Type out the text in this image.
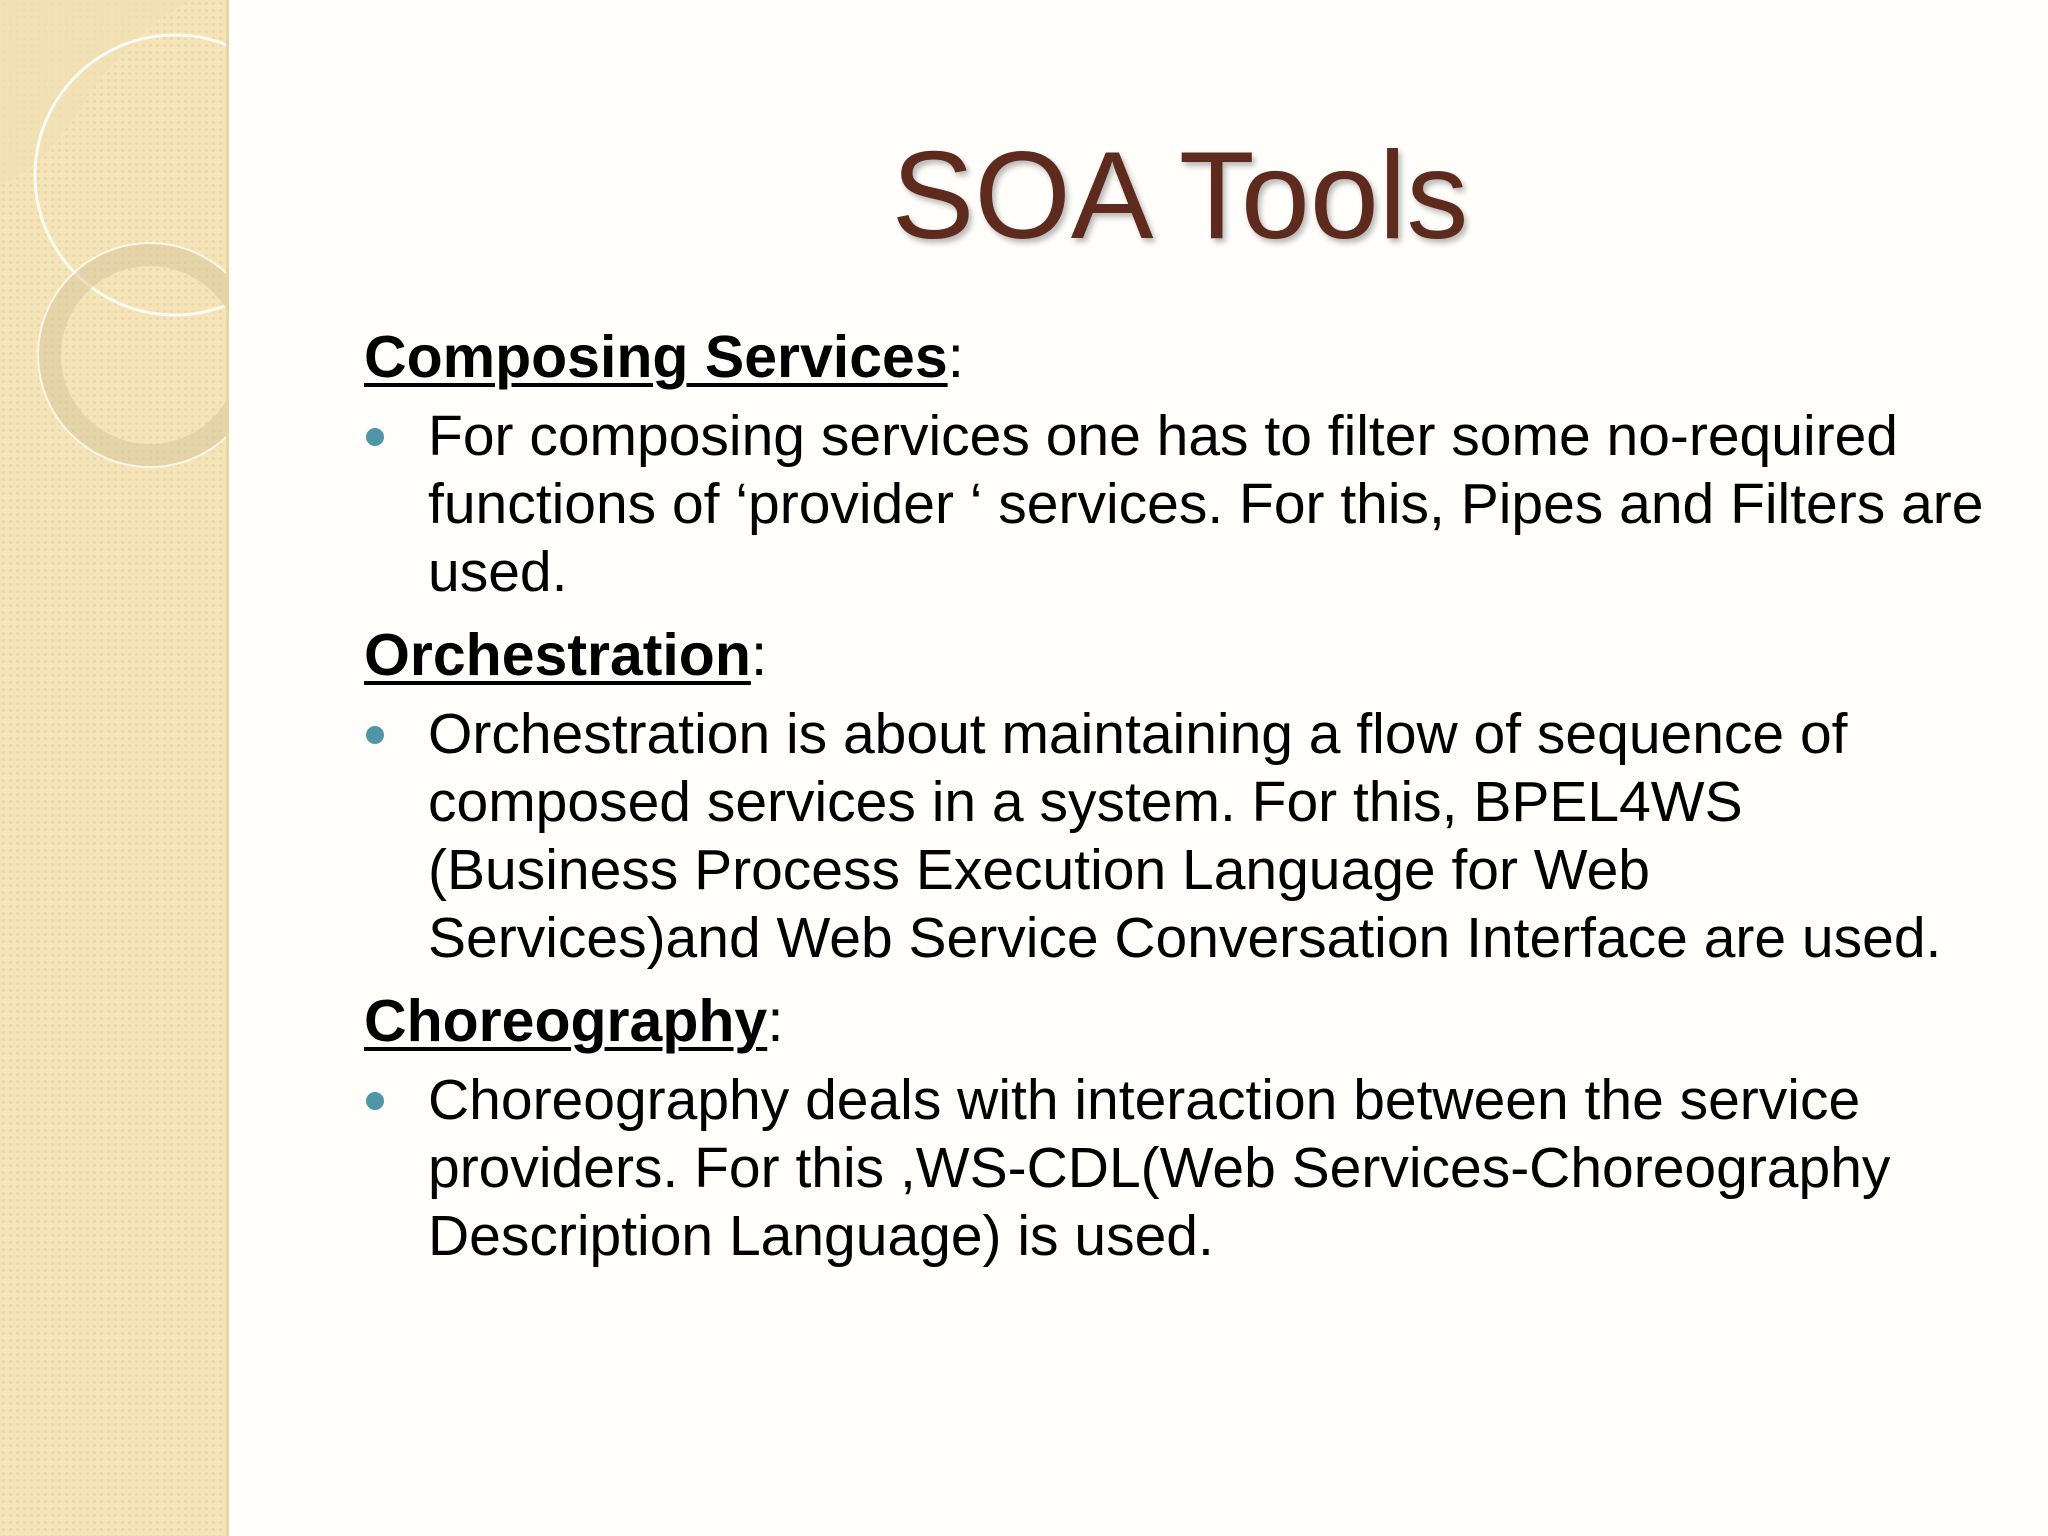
SOA Tools
Composing Services:
For composing services one has to filter some no-required functions of ‘provider ‘ services. For this, Pipes and Filters are used.
Orchestration:
Orchestration is about maintaining a flow of sequence of composed services in a system. For this, BPEL4WS (Business Process Execution Language for Web Services)and Web Service Conversation Interface are used.
Choreography:
Choreography deals with interaction between the service providers. For this ,WS-CDL(Web Services-Choreography Description Language) is used.
